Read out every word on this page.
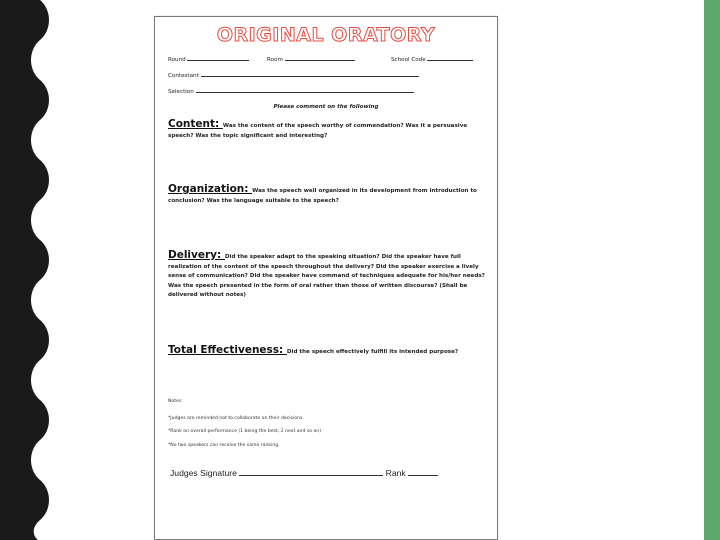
ORIGINAL ORATORY
Round	Room	School Code
Contestant
Selection
Please comment on the following
Content: Was the content of the speech worthy of commendation? Was it a persuasive speech? Was the topic significant and interesting?
Organization: Was the speech well organized in its development from introduction to conclusion? Was the language suitable to the speech?
Delivery: Did the speaker adapt to the speaking situation? Did the speaker have full realization of the content of the speech throughout the delivery? Did the speaker exercise a lively sense of communication? Did the speaker have command of techniques adequate for his/her needs? Was the speech presented in the form of oral rather than those of written discourse? (Shall be delivered without notes)
Total Effectiveness: Did the speech effectively fulfill its intended purpose?
Notes:
*Judges are reminded not to collaborate on their decisions.
*Rank on overall performance (1 being the best, 2 next and so on)
*No two speakers can receive the same ranking.
Judges Signature	Rank
